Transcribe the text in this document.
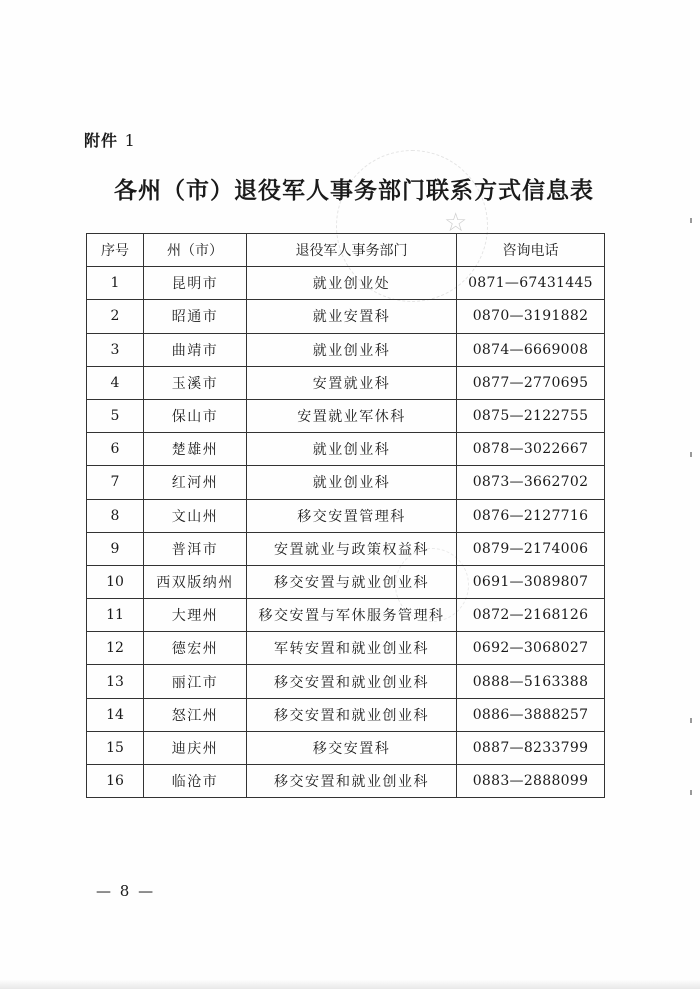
☆
附件 1
各州（市）退役军人事务部门联系方式信息表
序号	州（市）	退役军人事务部门	咨询电话
1	昆明市	就业创业处	0871—67431445
2	昭通市	就业安置科	0870—3191882
3	曲靖市	就业创业科	0874—6669008
4	玉溪市	安置就业科	0877—2770695
5	保山市	安置就业军休科	0875—2122755
6	楚雄州	就业创业科	0878—3022667
7	红河州	就业创业科	0873—3662702
8	文山州	移交安置管理科	0876—2127716
9	普洱市	安置就业与政策权益科	0879—2174006
10	西双版纳州	移交安置与就业创业科	0691—3089807
11	大理州	移交安置与军休服务管理科	0872—2168126
12	德宏州	军转安置和就业创业科	0692—3068027
13	丽江市	移交安置和就业创业科	0888—5163388
14	怒江州	移交安置和就业创业科	0886—3888257
15	迪庆州	移交安置科	0887—8233799
16	临沧市	移交安置和就业创业科	0883—2888099
— 8 —
